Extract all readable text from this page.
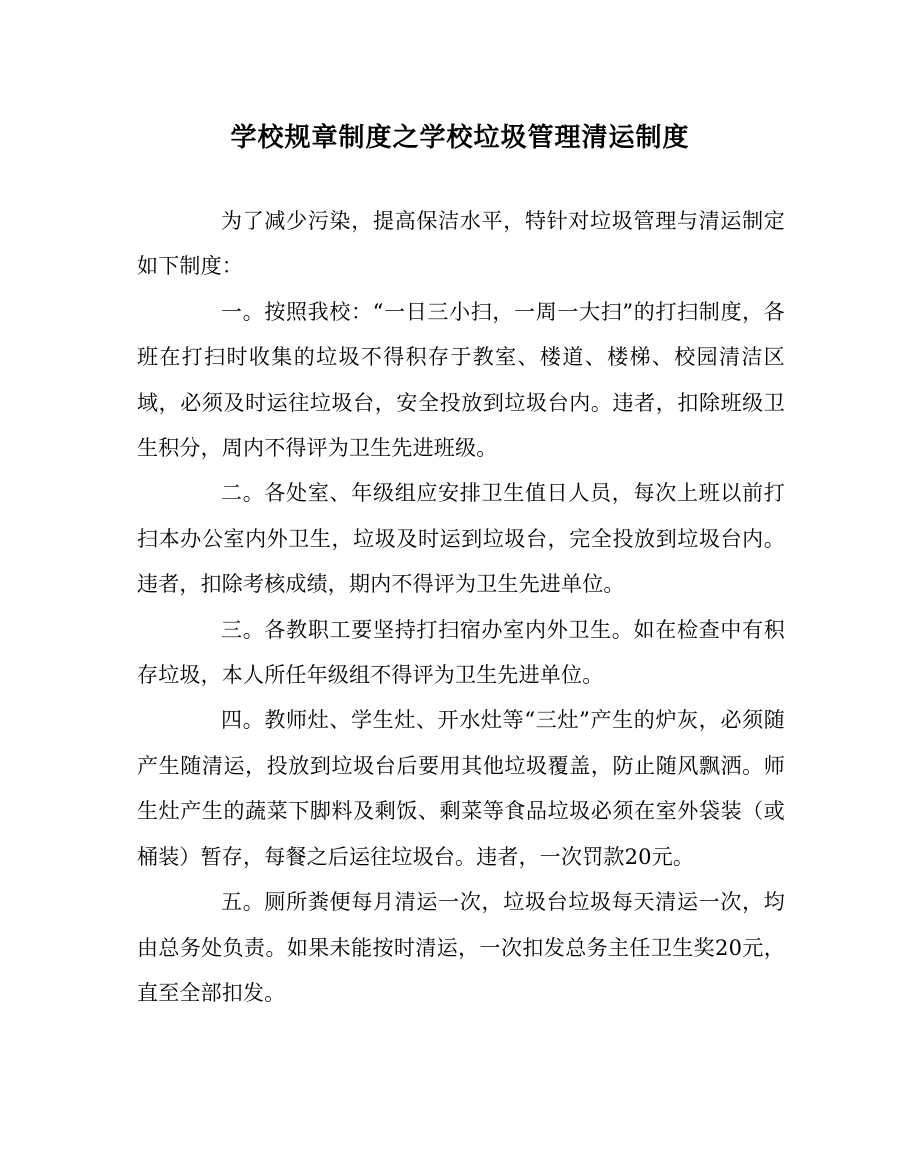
学校规章制度之学校垃圾管理清运制度

为了减少污染，提高保洁水平，特针对垃圾管理与清运制定如下制度：

一。按照我校：“一日三小扫，一周一大扫”的打扫制度，各班在打扫时收集的垃圾不得积存于教室、楼道、楼梯、校园清洁区域，必须及时运往垃圾台，安全投放到垃圾台内。违者，扣除班级卫生积分，周内不得评为卫生先进班级。

二。各处室、年级组应安排卫生值日人员，每次上班以前打扫本办公室内外卫生，垃圾及时运到垃圾台，完全投放到垃圾台内。违者，扣除考核成绩，期内不得评为卫生先进单位。

三。各教职工要坚持打扫宿办室内外卫生。如在检查中有积存垃圾，本人所任年级组不得评为卫生先进单位。

四。教师灶、学生灶、开水灶等“三灶”产生的炉灰，必须随产生随清运，投放到垃圾台后要用其他垃圾覆盖，防止随风飘洒。师生灶产生的蔬菜下脚料及剩饭、剩菜等食品垃圾必须在室外袋装（或桶装）暂存，每餐之后运往垃圾台。违者，一次罚款20元。

五。厕所粪便每月清运一次，垃圾台垃圾每天清运一次，均由总务处负责。如果未能按时清运，一次扣发总务主任卫生奖20元，直至全部扣发。
